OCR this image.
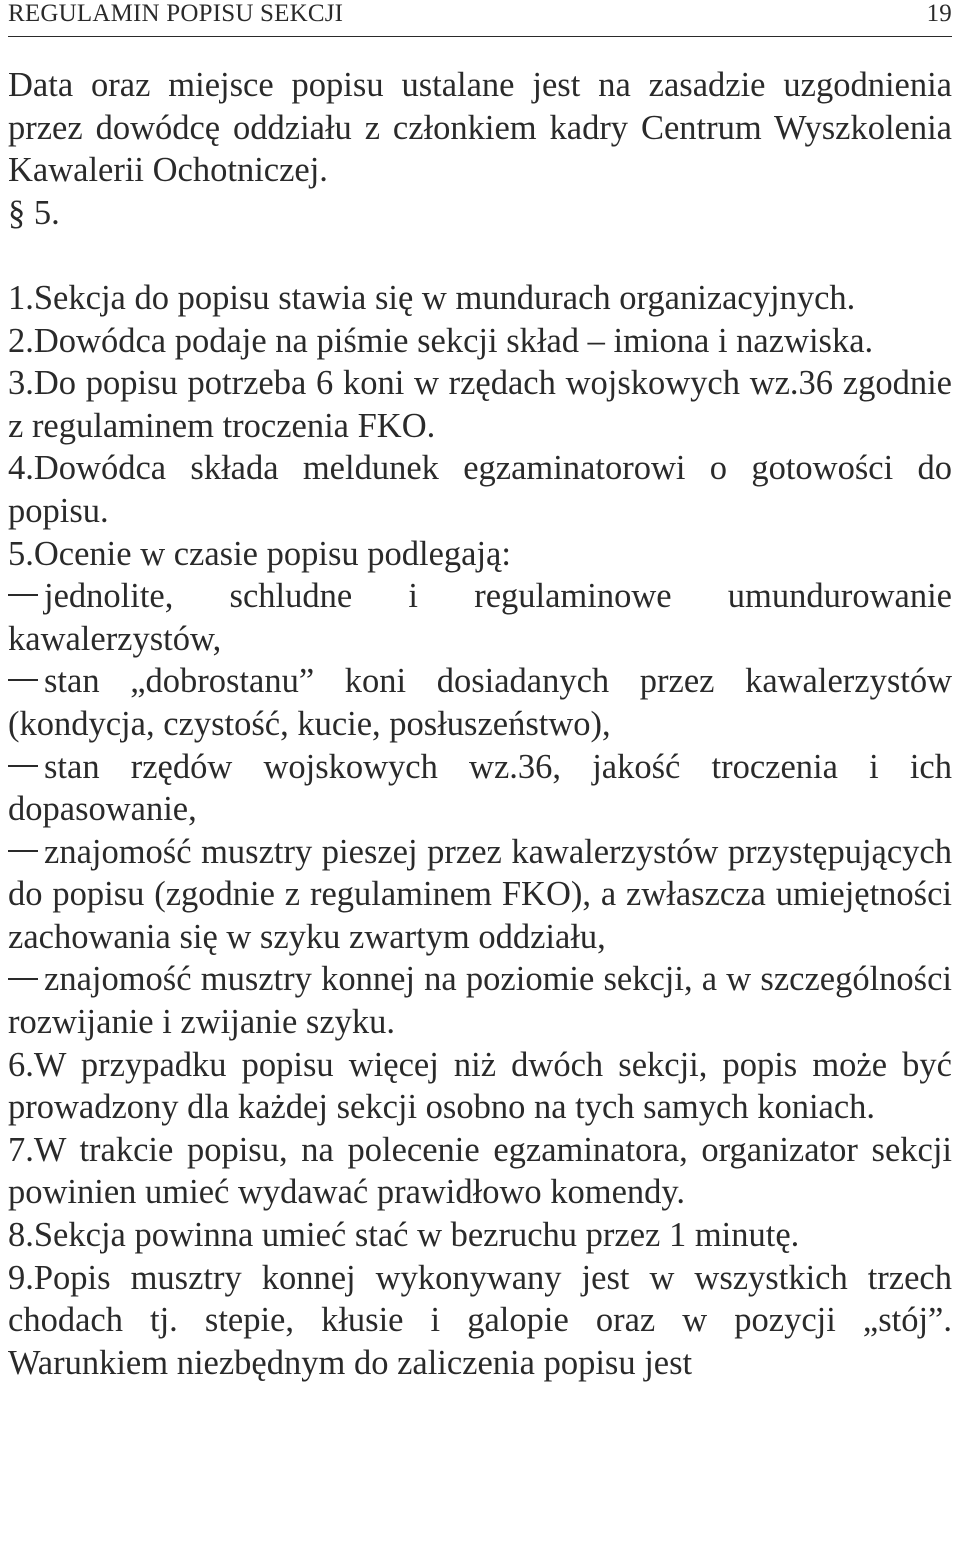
REGULAMIN POPISU SEKCJI	19

Data oraz miejsce popisu ustalane jest na zasadzie uzgodnienia przez dowódcę oddziału z członkiem kadry Centrum Wyszkolenia Kawalerii Ochotniczej.

§ 5.

1.Sekcja do popisu stawia się w mundurach organizacyjnych.

2.Dowódca podaje na piśmie sekcji skład – imiona i nazwiska.

3.Do popisu potrzeba 6 koni w rzędach wojskowych wz.36 zgodnie z regulaminem troczenia FKO.

4.Dowódca składa meldunek egzaminatorowi o gotowości do popisu.

5.Ocenie w czasie popisu podlegają:

jednolite, schludne i regulaminowe umundurowanie kawalerzystów,

stan „dobrostanu” koni dosiadanych przez kawalerzystów (kondycja, czystość, kucie, posłuszeństwo),

stan rzędów wojskowych wz.36, jakość troczenia i ich dopasowanie,

znajomość musztry pieszej przez kawalerzystów przystępujących do popisu (zgodnie z regulaminem FKO), a zwłaszcza umiejętności zachowania się w szyku zwartym oddziału,

znajomość musztry konnej na poziomie sekcji, a w szczególności rozwijanie i zwijanie szyku.

6.W przypadku popisu więcej niż dwóch sekcji, popis może być prowadzony dla każdej sekcji osobno na tych samych koniach.

7.W trakcie popisu, na polecenie egzaminatora, organizator sekcji powinien umieć wydawać prawidłowo komendy.

8.Sekcja powinna umieć stać w bezruchu przez 1 minutę.

9.Popis musztry konnej wykonywany jest w wszystkich trzech chodach tj. stepie, kłusie i galopie oraz w pozycji „stój”. Warunkiem niezbędnym do zaliczenia popisu jest
